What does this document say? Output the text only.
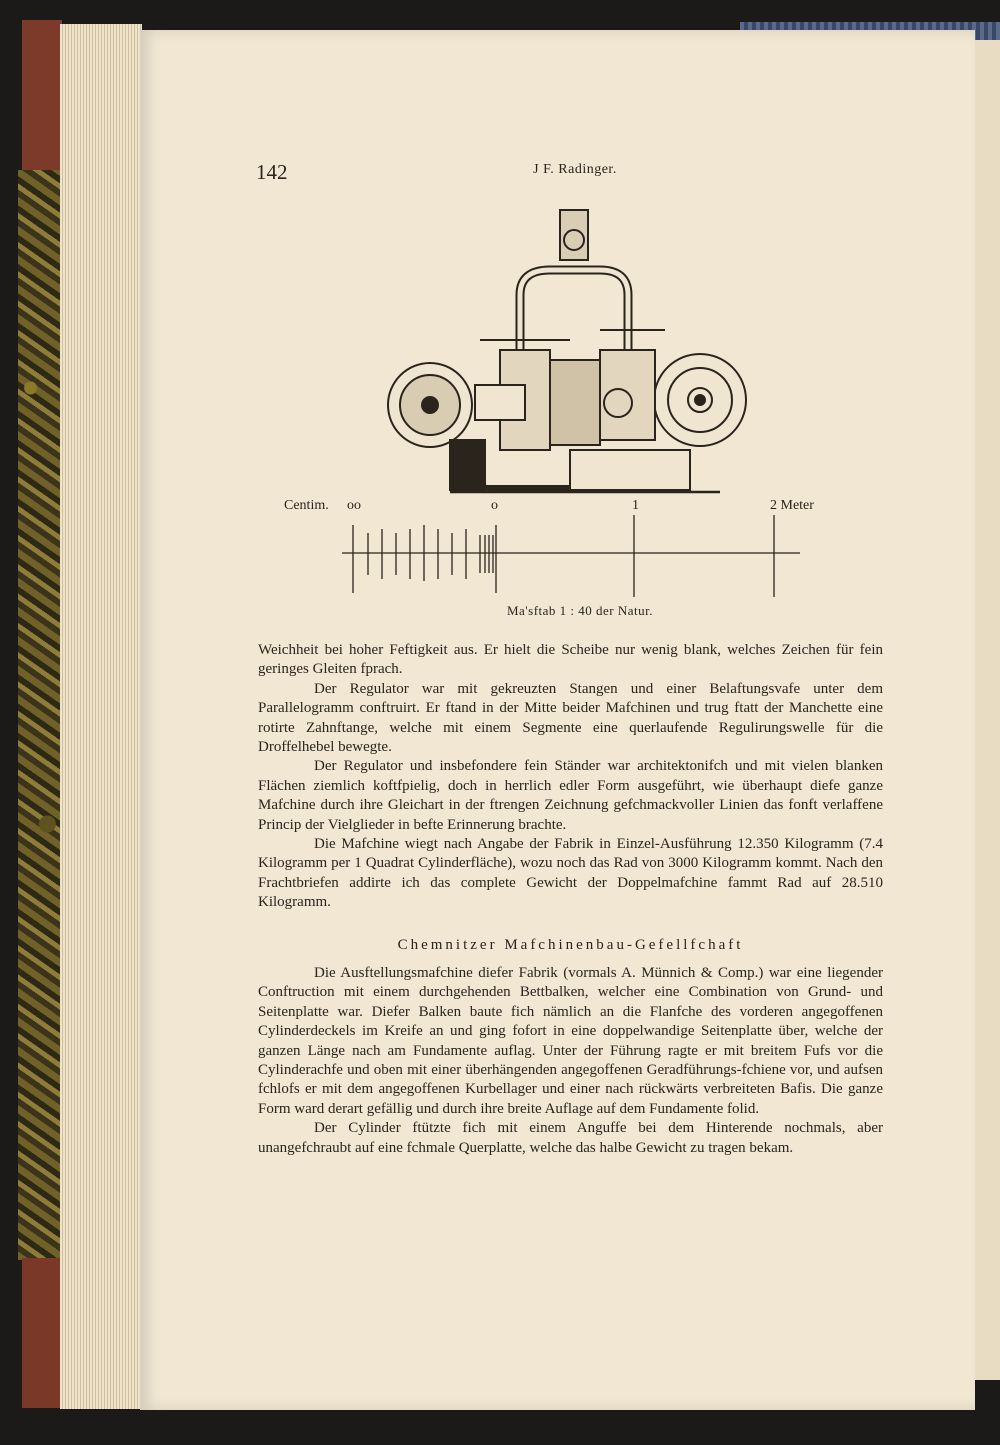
142	J F. Radinger.
Centim. oo	o	1	2 Meter
Ma'sftab 1 : 40 der Natur.

Weichheit bei hoher Feftigkeit aus. Er hielt die Scheibe nur wenig blank, welches Zeichen für fein geringes Gleiten fprach.

Der Regulator war mit gekreuzten Stangen und einer Belaftungsvafe unter dem Parallelogramm conftruirt. Er ftand in der Mitte beider Mafchinen und trug ftatt der Manchette eine rotirte Zahnftange, welche mit einem Segmente eine querlaufende Regulirungswelle für die Droffelhebel bewegte.

Der Regulator und insbefondere fein Ständer war architektonifch und mit vielen blanken Flächen ziemlich koftfpielig, doch in herrlich edler Form ausgeführt, wie überhaupt diefe ganze Mafchine durch ihre Gleichart in der ftrengen Zeichnung gefchmackvoller Linien das fonft verlaffene Princip der Vielglieder in befte Erinnerung brachte.

Die Mafchine wiegt nach Angabe der Fabrik in Einzel-Ausführung 12.350 Kilogramm (7.4 Kilogramm per 1 Quadrat Cylinderfläche), wozu noch das Rad von 3000 Kilogramm kommt. Nach den Frachtbriefen addirte ich das complete Gewicht der Doppelmafchine fammt Rad auf 28.510 Kilogramm.

Chemnitzer Mafchinenbau-Gefellfchaft

Die Ausftellungsmafchine diefer Fabrik (vormals A. Münnich & Comp.) war eine liegender Conftruction mit einem durchgehenden Bettbalken, welcher eine Combination von Grund- und Seitenplatte war. Diefer Balken baute fich nämlich an die Flanfche des vorderen angegoffenen Cylinderdeckels im Kreife an und ging fofort in eine doppelwandige Seitenplatte über, welche der ganzen Länge nach am Fundamente auflag. Unter der Führung ragte er mit breitem Fufs vor die Cylinderachfe und oben mit einer überhängenden angegoffenen Geradführungs-fchiene vor, und aufsen fchlofs er mit dem angegoffenen Kurbellager und einer nach rückwärts verbreiteten Bafis. Die ganze Form ward derart gefällig und durch ihre breite Auflage auf dem Fundamente folid.

Der Cylinder ftützte fich mit einem Anguffe bei dem Hinterende nochmals, aber unangefchraubt auf eine fchmale Querplatte, welche das halbe Gewicht zu tragen bekam.
